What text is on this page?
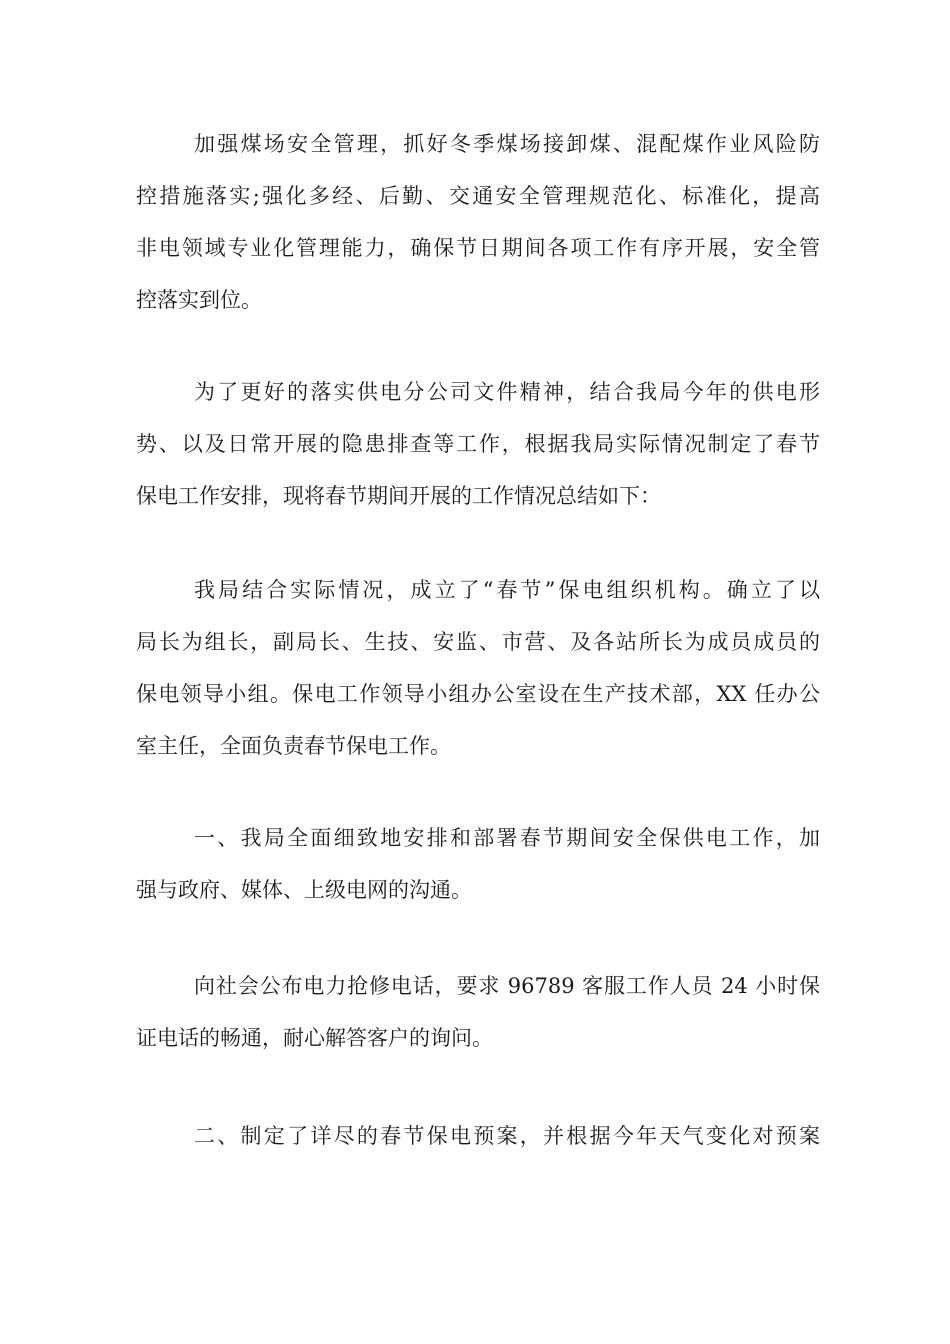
加强煤场安全管理，抓好冬季煤场接卸煤、混配煤作业风险防
控措施落实;强化多经、后勤、交通安全管理规范化、标准化，提高
非电领域专业化管理能力，确保节日期间各项工作有序开展，安全管
控落实到位。
为了更好的落实供电分公司文件精神，结合我局今年的供电形
势、以及日常开展的隐患排查等工作，根据我局实际情况制定了春节
保电工作安排，现将春节期间开展的工作情况总结如下：
我局结合实际情况，成立了“春节”保电组织机构。确立了以
局长为组长，副局长、生技、安监、市营、及各站所长为成员成员的
保电领导小组。保电工作领导小组办公室设在生产技术部，XX 任办公
室主任，全面负责春节保电工作。
一、我局全面细致地安排和部署春节期间安全保供电工作，加
强与政府、媒体、上级电网的沟通。
向社会公布电力抢修电话，要求 96789 客服工作人员 24 小时保
证电话的畅通，耐心解答客户的询问。
二、制定了详尽的春节保电预案，并根据今年天气变化对预案
